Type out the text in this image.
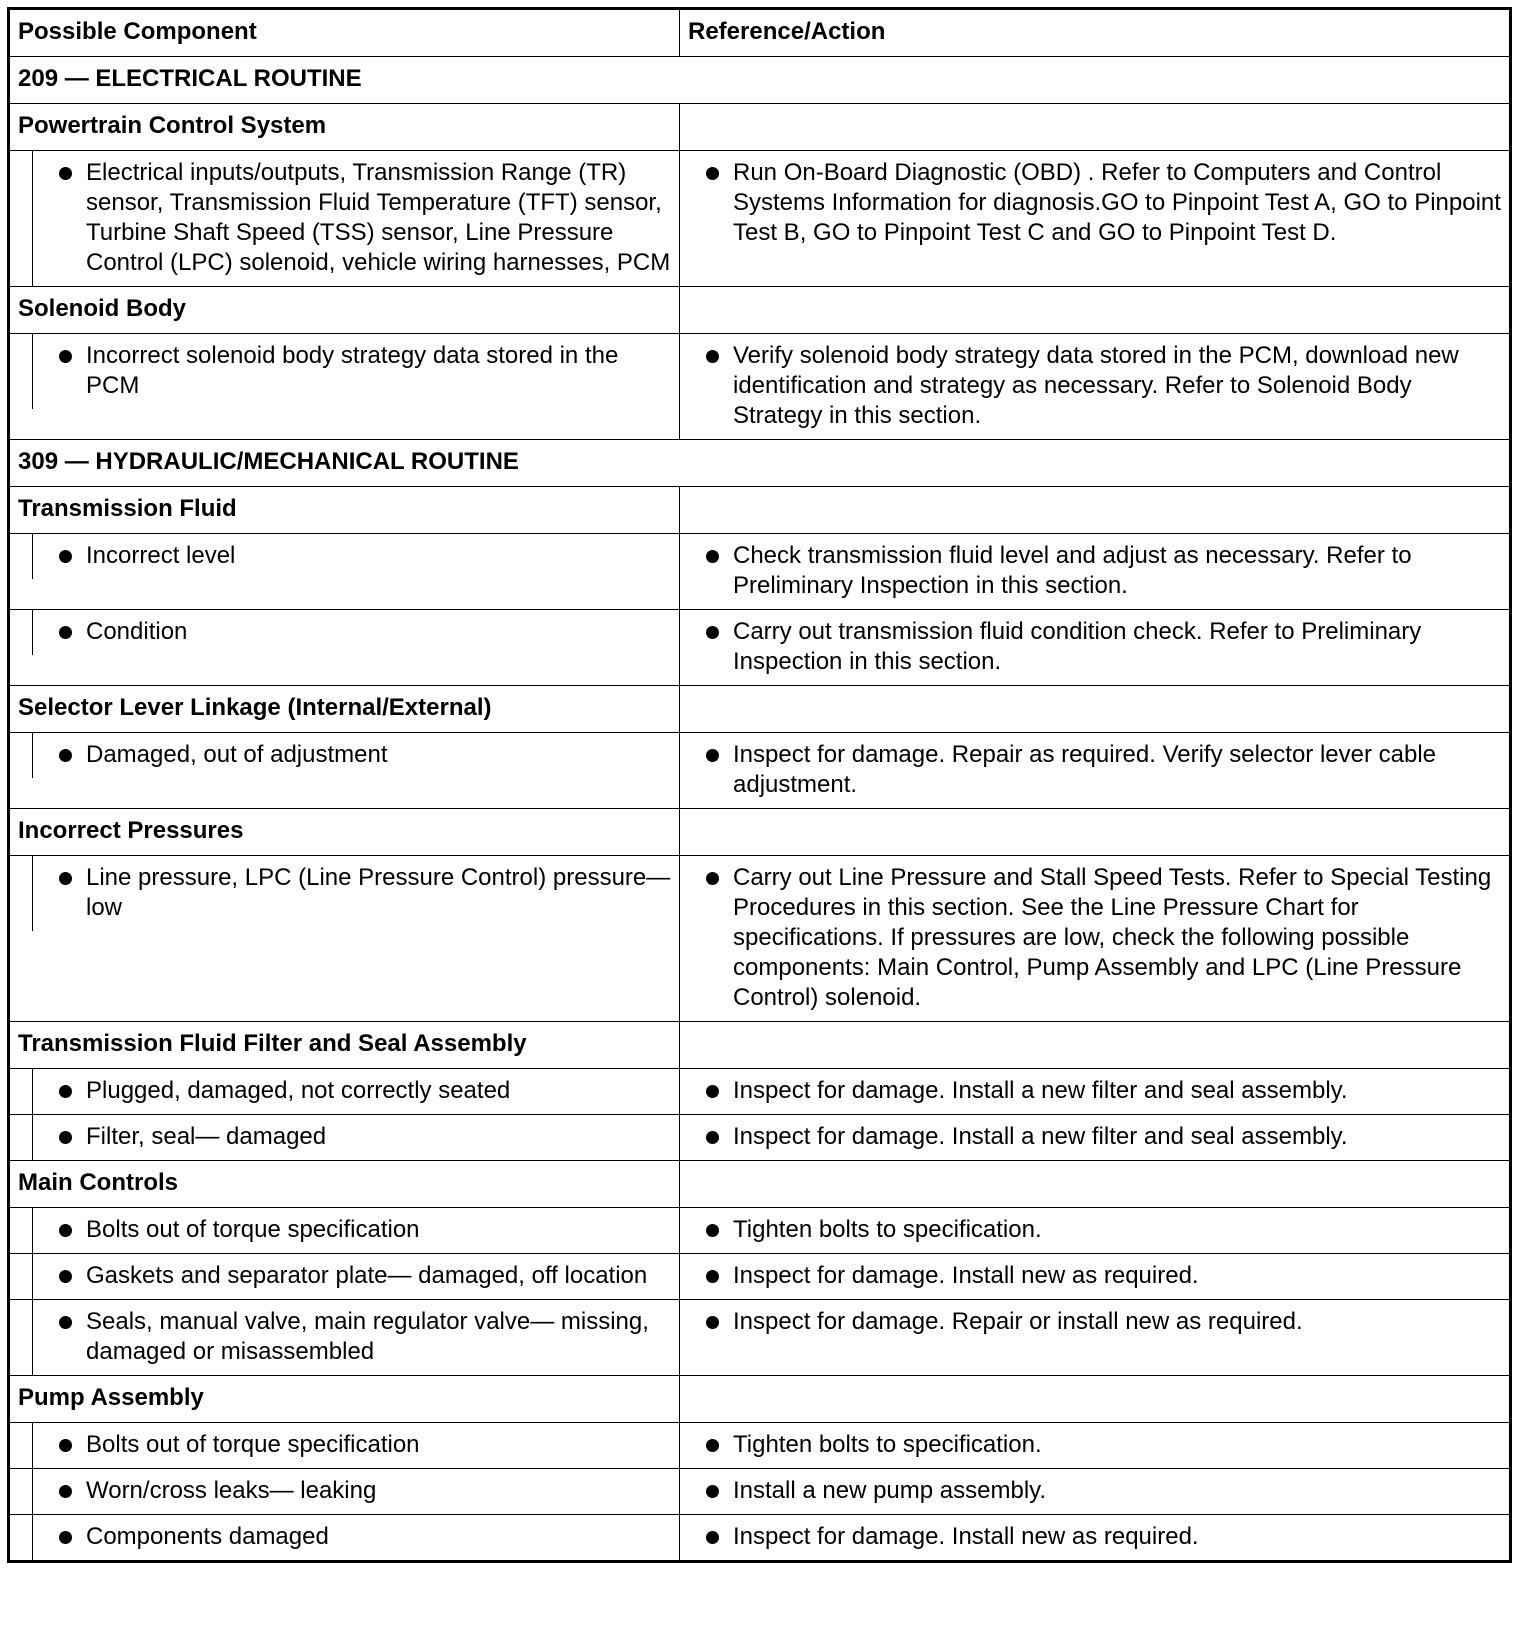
Possible Component	Reference/Action
209 — ELECTRICAL ROUTINE	
Powertrain Control System	

Electrical inputs/outputs, Transmission Range (TR) sensor, Transmission Fluid Temperature (TFT) sensor, Turbine Shaft Speed (TSS) sensor, Line Pressure Control (LPC) solenoid, vehicle wiring harnesses, PCM	Run On-Board Diagnostic (OBD) . Refer to Computers and Control Systems Information for diagnosis.GO to Pinpoint Test A, GO to Pinpoint Test B, GO to Pinpoint Test C and GO to Pinpoint Test D.

Solenoid Body	

Incorrect solenoid body strategy data stored in the PCM	Verify solenoid body strategy data stored in the PCM, download new identification and strategy as necessary. Refer to Solenoid Body Strategy in this section.

309 — HYDRAULIC/MECHANICAL ROUTINE	
Transmission Fluid	

Incorrect level	Check transmission fluid level and adjust as necessary. Refer to Preliminary Inspection in this section.

Condition	Carry out transmission fluid condition check. Refer to Preliminary Inspection in this section.

Selector Lever Linkage (Internal/External)	

Damaged, out of adjustment	Inspect for damage. Repair as required. Verify selector lever cable adjustment.

Incorrect Pressures	

Line pressure, LPC (Line Pressure Control) pressure— low	Carry out Line Pressure and Stall Speed Tests. Refer to Special Testing Procedures in this section. See the Line Pressure Chart for specifications. If pressures are low, check the following possible components: Main Control, Pump Assembly and LPC (Line Pressure Control) solenoid.

Transmission Fluid Filter and Seal Assembly	

Plugged, damaged, not correctly seated	Inspect for damage. Install a new filter and seal assembly.

Filter, seal— damaged	Inspect for damage. Install a new filter and seal assembly.

Main Controls	

Bolts out of torque specification	Tighten bolts to specification.

Gaskets and separator plate— damaged, off location	Inspect for damage. Install new as required.

Seals, manual valve, main regulator valve— missing, damaged or misassembled	Inspect for damage. Repair or install new as required.

Pump Assembly	

Bolts out of torque specification	Tighten bolts to specification.

Worn/cross leaks— leaking	Install a new pump assembly.

Components damaged	Inspect for damage. Install new as required.
